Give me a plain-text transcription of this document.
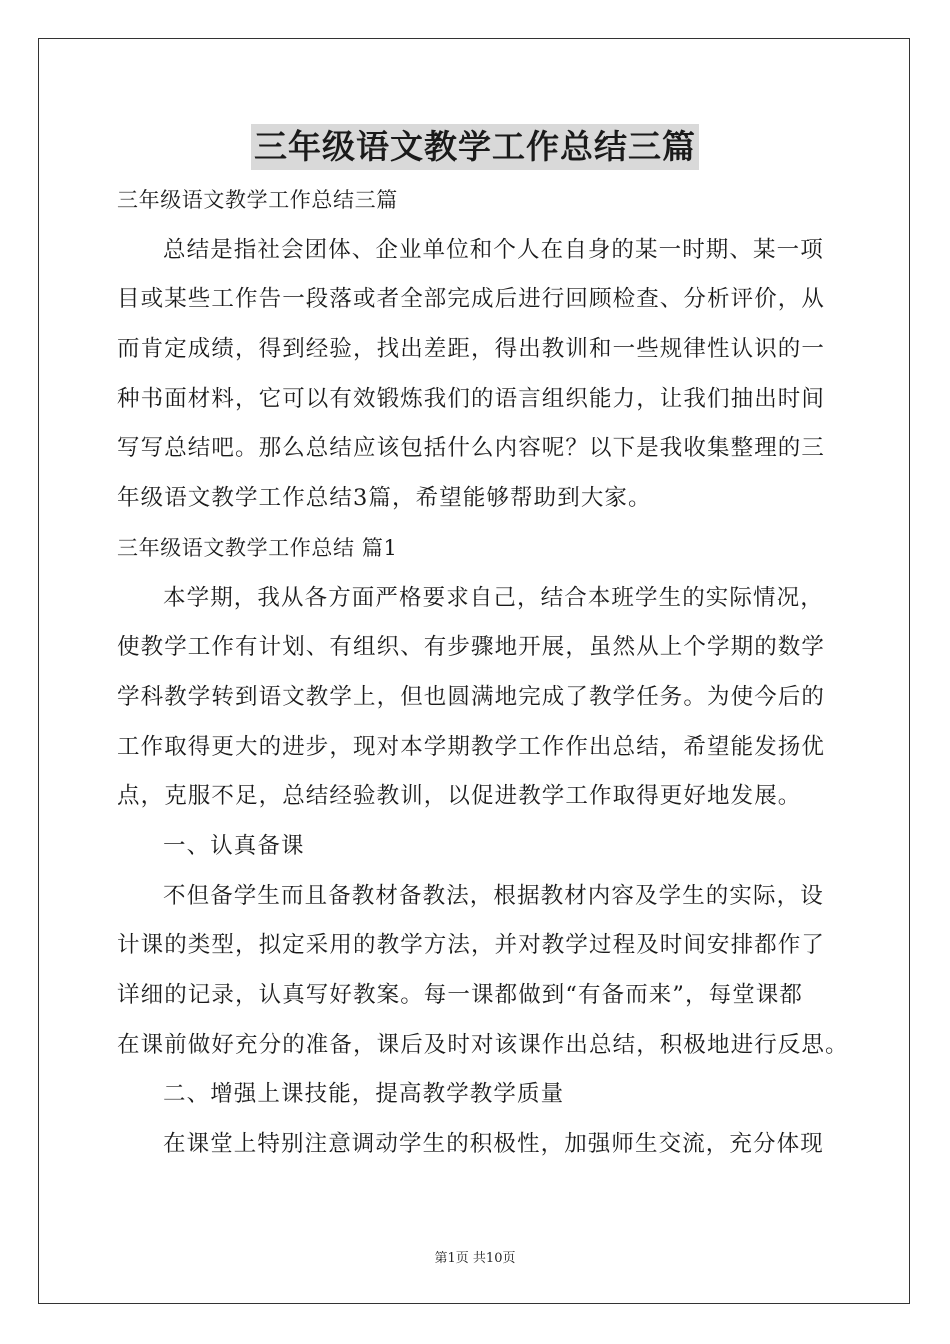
三年级语文教学工作总结三篇
三年级语文教学工作总结三篇
总结是指社会团体、企业单位和个人在自身的某一时期、某一项
目或某些工作告一段落或者全部完成后进行回顾检查、分析评价，从
而肯定成绩，得到经验，找出差距，得出教训和一些规律性认识的一
种书面材料，它可以有效锻炼我们的语言组织能力，让我们抽出时间
写写总结吧。那么总结应该包括什么内容呢？以下是我收集整理的三
年级语文教学工作总结3篇，希望能够帮助到大家。
三年级语文教学工作总结 篇1
本学期，我从各方面严格要求自己，结合本班学生的实际情况，
使教学工作有计划、有组织、有步骤地开展，虽然从上个学期的数学
学科教学转到语文教学上，但也圆满地完成了教学任务。为使今后的
工作取得更大的进步，现对本学期教学工作作出总结，希望能发扬优
点，克服不足，总结经验教训，以促进教学工作取得更好地发展。
一、认真备课
不但备学生而且备教材备教法，根据教材内容及学生的实际，设
计课的类型，拟定采用的教学方法，并对教学过程及时间安排都作了
详细的记录，认真写好教案。每一课都做到“有备而来”，每堂课都
在课前做好充分的准备，课后及时对该课作出总结，积极地进行反思。
二、增强上课技能，提高教学教学质量
在课堂上特别注意调动学生的积极性，加强师生交流，充分体现
第1页 共10页
